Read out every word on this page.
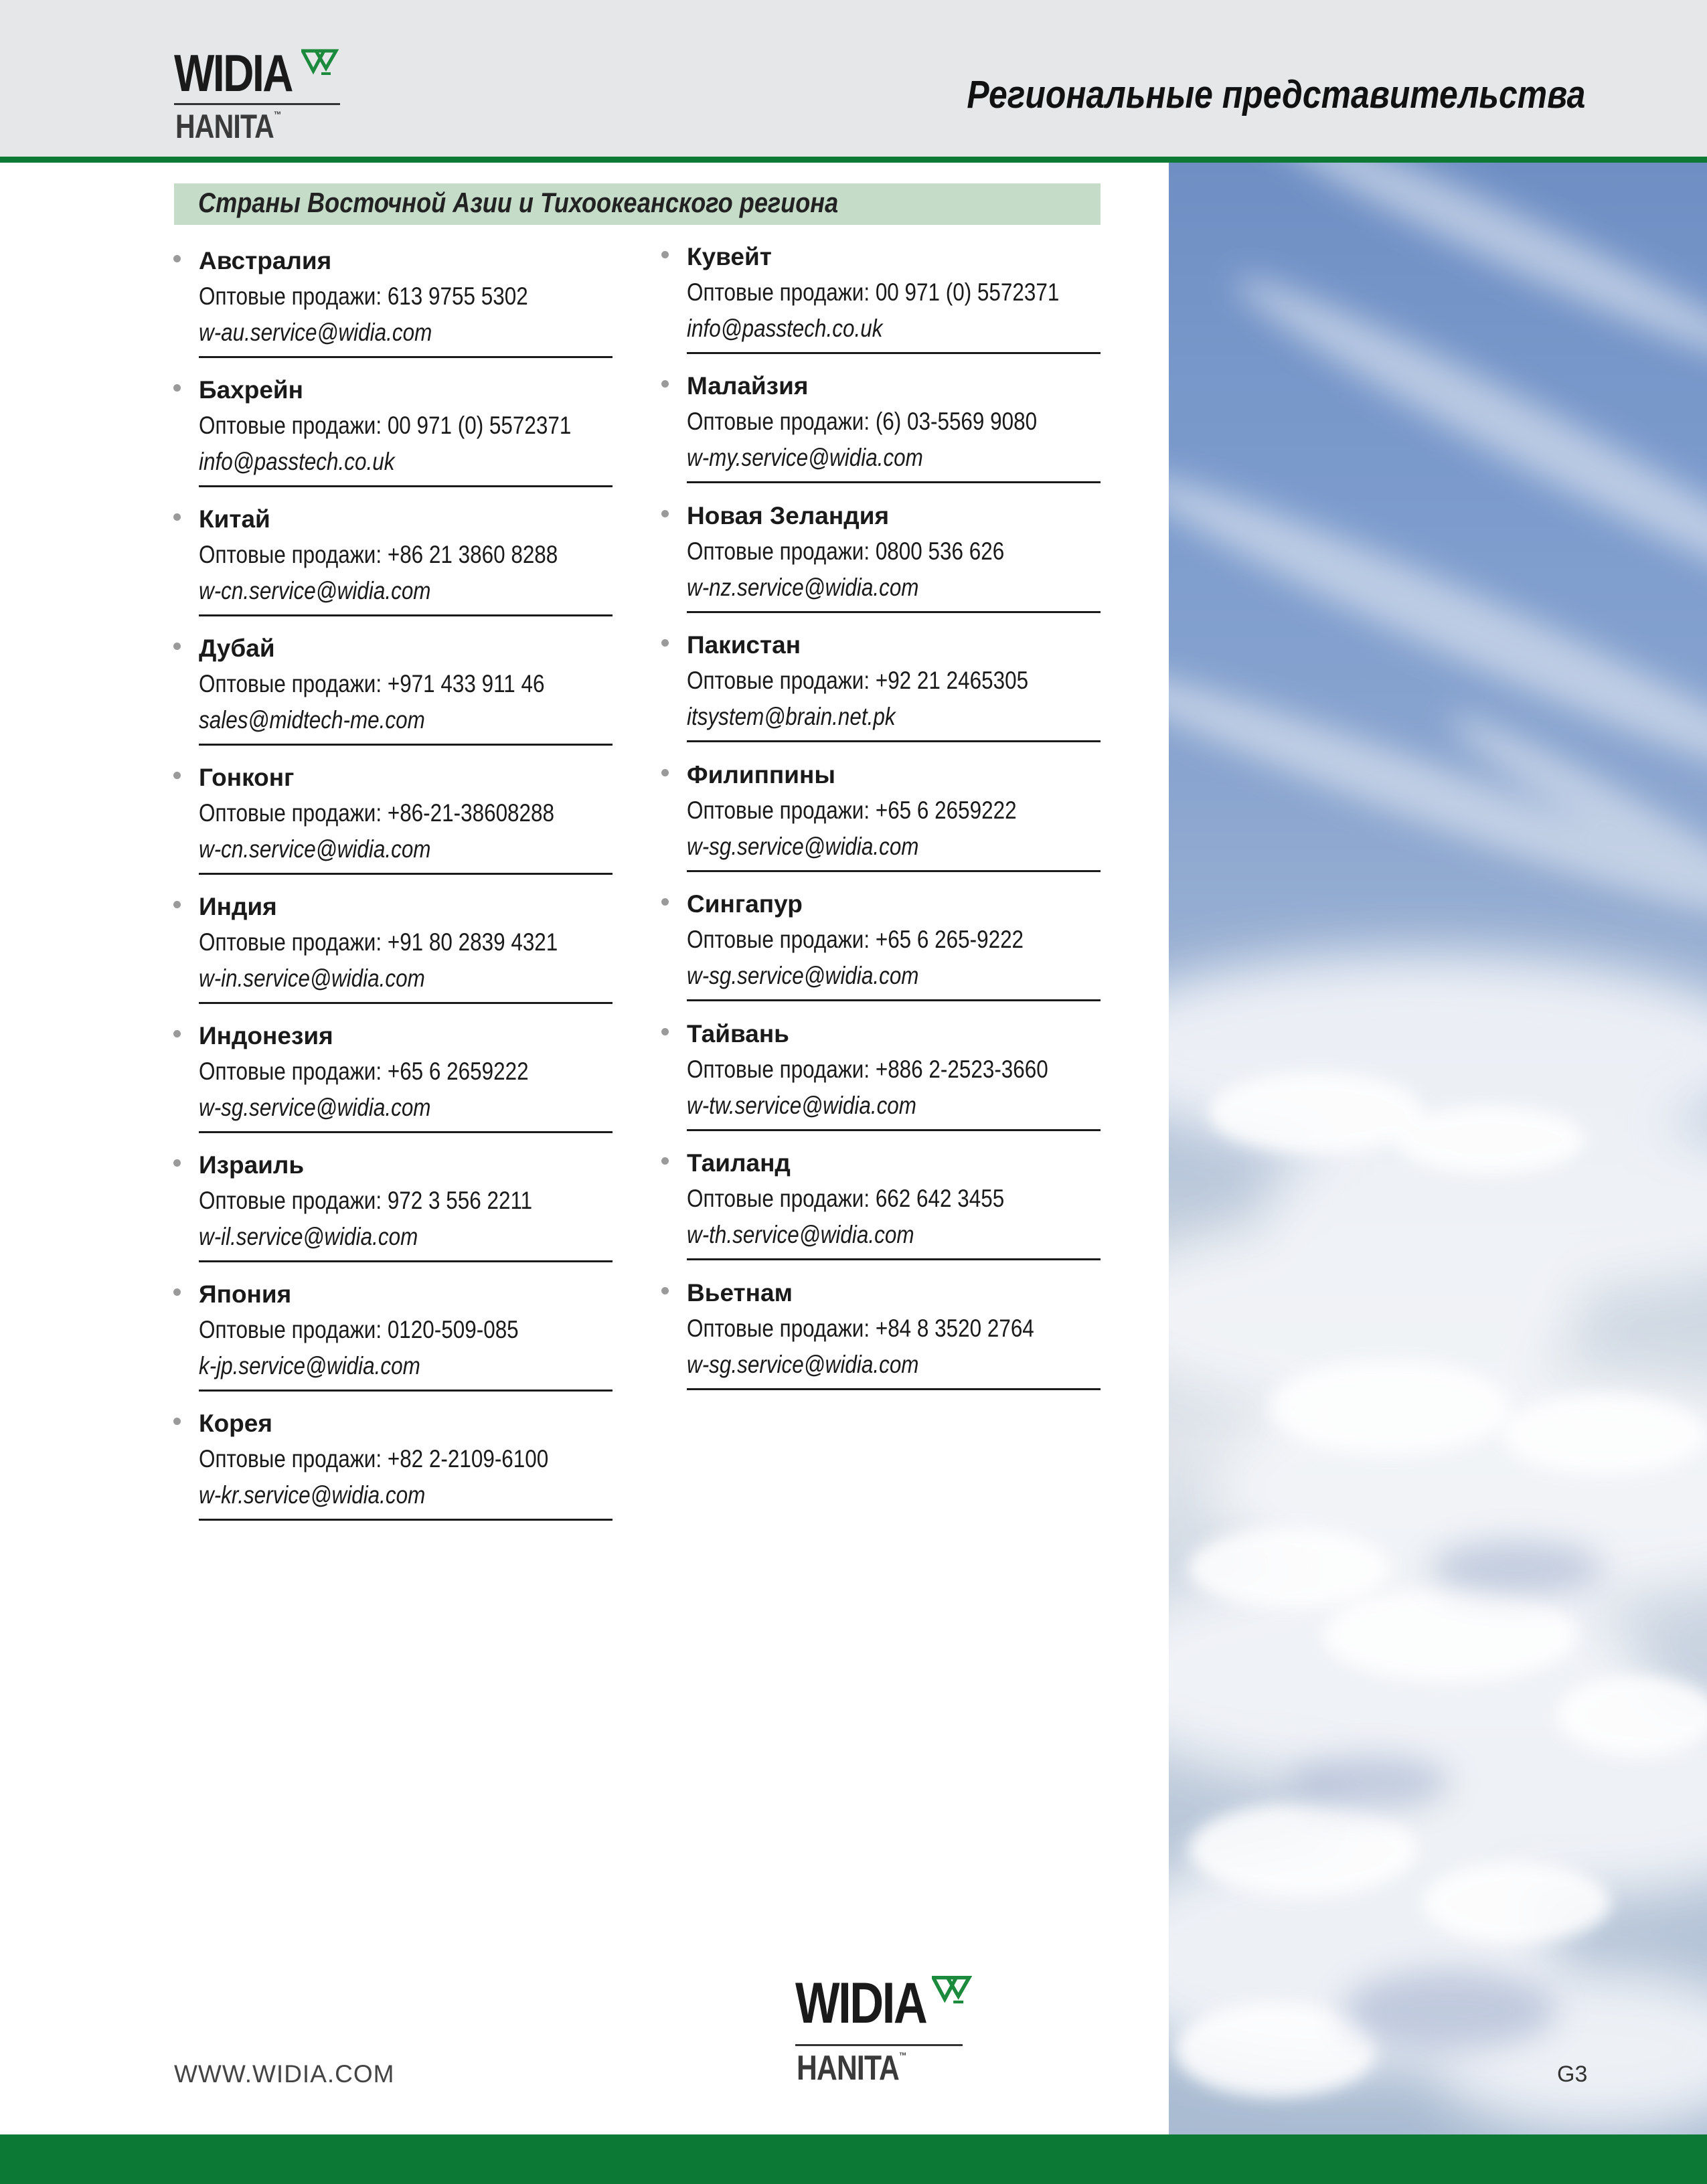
WIDIA
HANITA™	Региональные представительства
Страны Восточной Азии и Тихоокеанского региона
Австралия
Оптовые продажи: 613 9755 5302
w-au.service@widia.com
Бахрейн
Оптовые продажи: 00 971 (0) 5572371
info@passtech.co.uk
Китай
Оптовые продажи: +86 21 3860 8288
w-cn.service@widia.com
Дубай
Оптовые продажи: +971 433 911 46
sales@midtech-me.com
Гонконг
Оптовые продажи: +86-21-38608288
w-cn.service@widia.com
Индия
Оптовые продажи: +91 80 2839 4321
w-in.service@widia.com
Индонезия
Оптовые продажи: +65 6 2659222
w-sg.service@widia.com
Израиль
Оптовые продажи: 972 3 556 2211
w-il.service@widia.com
Япония
Оптовые продажи: 0120-509-085
k-jp.service@widia.com
Корея
Оптовые продажи: +82 2-2109-6100
w-kr.service@widia.com
Кувейт
Оптовые продажи: 00 971 (0) 5572371
info@passtech.co.uk
Малайзия
Оптовые продажи: (6) 03-5569 9080
w-my.service@widia.com
Новая Зеландия
Оптовые продажи: 0800 536 626
w-nz.service@widia.com
Пакистан
Оптовые продажи: +92 21 2465305
itsystem@brain.net.pk
Филиппины
Оптовые продажи: +65 6 2659222
w-sg.service@widia.com
Сингапур
Оптовые продажи: +65 6 265-9222
w-sg.service@widia.com
Тайвань
Оптовые продажи: +886 2-2523-3660
w-tw.service@widia.com
Таиланд
Оптовые продажи: 662 642 3455
w-th.service@widia.com
Вьетнам
Оптовые продажи: +84 8 3520 2764
w-sg.service@widia.com
WIDIA
HANITA™
WWW.WIDIA.COM	G3
